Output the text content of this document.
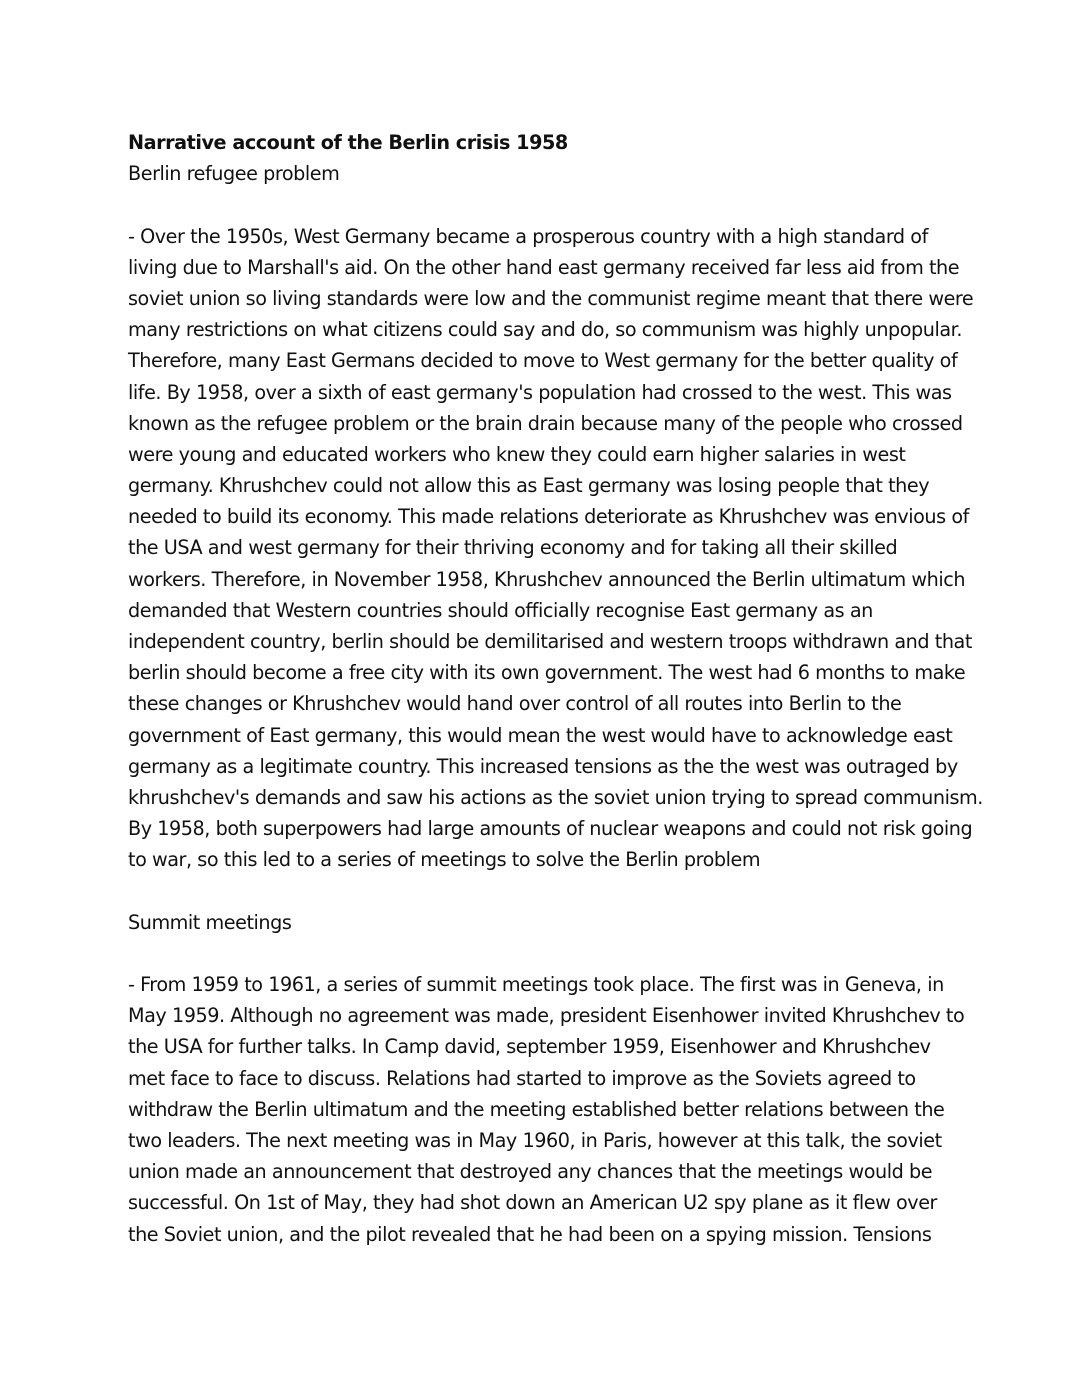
Narrative account of the Berlin crisis 1958
Berlin refugee problem
- Over the 1950s, West Germany became a prosperous country with a high standard of
living due to Marshall's aid. On the other hand east germany received far less aid from the
soviet union so living standards were low and the communist regime meant that there were
many restrictions on what citizens could say and do, so communism was highly unpopular.
Therefore, many East Germans decided to move to West germany for the better quality of
life. By 1958, over a sixth of east germany's population had crossed to the west. This was
known as the refugee problem or the brain drain because many of the people who crossed
were young and educated workers who knew they could earn higher salaries in west
germany. Khrushchev could not allow this as East germany was losing people that they
needed to build its economy. This made relations deteriorate as Khrushchev was envious of
the USA and west germany for their thriving economy and for taking all their skilled
workers. Therefore, in November 1958, Khrushchev announced the Berlin ultimatum which
demanded that Western countries should officially recognise East germany as an
independent country, berlin should be demilitarised and western troops withdrawn and that
berlin should become a free city with its own government. The west had 6 months to make
these changes or Khrushchev would hand over control of all routes into Berlin to the
government of East germany, this would mean the west would have to acknowledge east
germany as a legitimate country. This increased tensions as the the west was outraged by
khrushchev's demands and saw his actions as the soviet union trying to spread communism.
By 1958, both superpowers had large amounts of nuclear weapons and could not risk going
to war, so this led to a series of meetings to solve the Berlin problem
Summit meetings
- From 1959 to 1961, a series of summit meetings took place. The first was in Geneva, in
May 1959. Although no agreement was made, president Eisenhower invited Khrushchev to
the USA for further talks. In Camp david, september 1959, Eisenhower and Khrushchev
met face to face to discuss. Relations had started to improve as the Soviets agreed to
withdraw the Berlin ultimatum and the meeting established better relations between the
two leaders. The next meeting was in May 1960, in Paris, however at this talk, the soviet
union made an announcement that destroyed any chances that the meetings would be
successful. On 1st of May, they had shot down an American U2 spy plane as it flew over
the Soviet union, and the pilot revealed that he had been on a spying mission. Tensions
